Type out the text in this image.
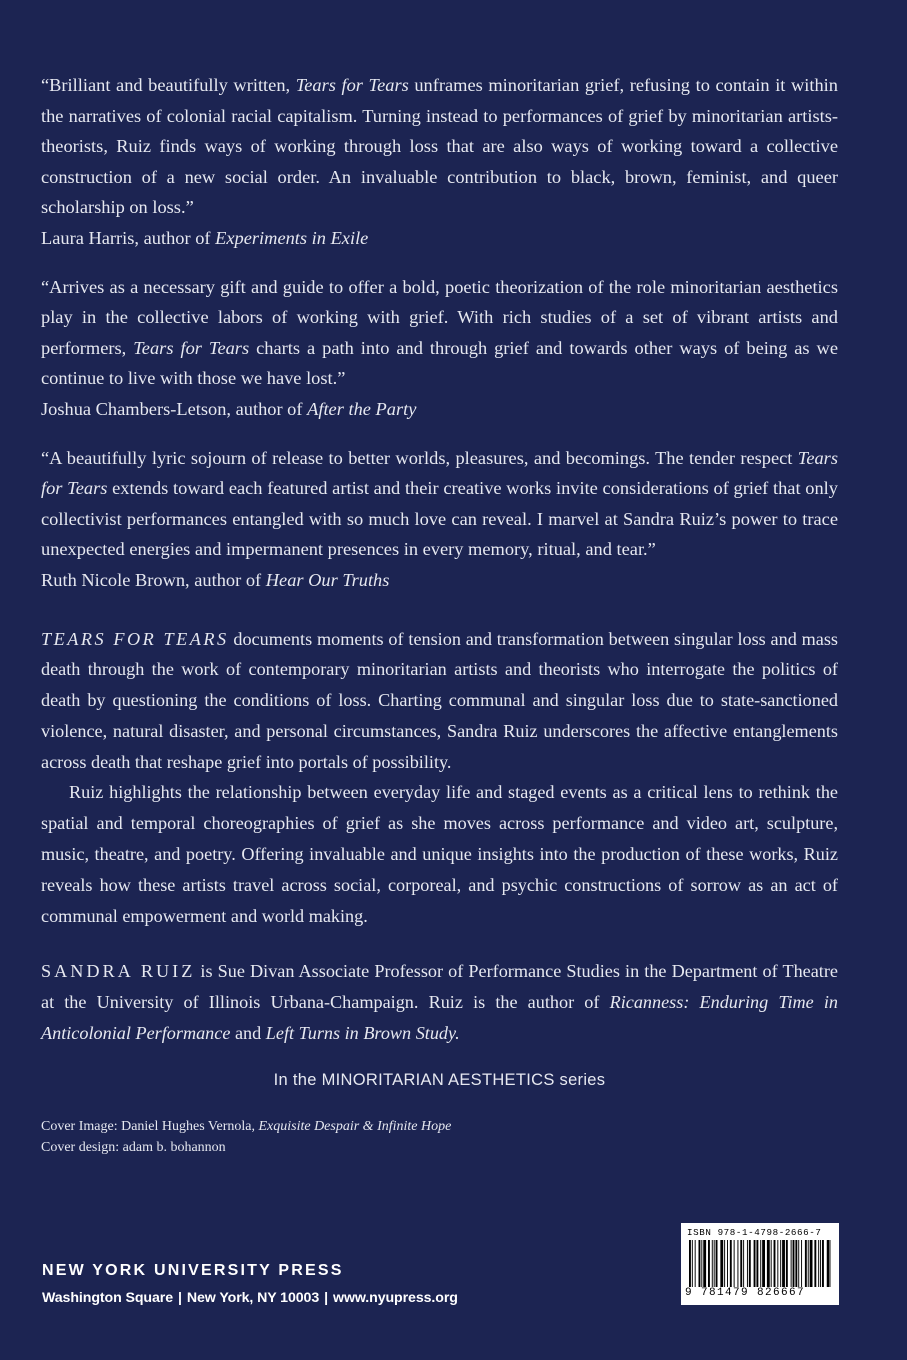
“Brilliant and beautifully written, Tears for Tears unframes minoritarian grief, refusing to contain it within the narratives of colonial racial capitalism. Turning instead to performances of grief by minoritarian artists-theorists, Ruiz finds ways of working through loss that are also ways of working toward a collective construction of a new social order. An invaluable contribution to black, brown, feminist, and queer scholarship on loss.”

Laura Harris, author of Experiments in Exile

“Arrives as a necessary gift and guide to offer a bold, poetic theorization of the role minoritarian aesthetics play in the collective labors of working with grief. With rich studies of a set of vibrant artists and performers, Tears for Tears charts a path into and through grief and towards other ways of being as we continue to live with those we have lost.”

Joshua Chambers-Letson, author of After the Party

“A beautifully lyric sojourn of release to better worlds, pleasures, and becomings. The tender respect Tears for Tears extends toward each featured artist and their creative works invite considerations of grief that only collectivist performances entangled with so much love can reveal. I marvel at Sandra Ruiz’s power to trace unexpected energies and impermanent presences in every memory, ritual, and tear.”

Ruth Nicole Brown, author of Hear Our Truths

TEARS FOR TEARS documents moments of tension and transformation between singular loss and mass death through the work of contemporary minoritarian artists and theorists who interrogate the politics of death by questioning the conditions of loss. Charting communal and singular loss due to state-sanctioned violence, natural disaster, and personal circumstances, Sandra Ruiz underscores the affective entanglements across death that reshape grief into portals of possibility.

Ruiz highlights the relationship between everyday life and staged events as a critical lens to rethink the spatial and temporal choreographies of grief as she moves across performance and video art, sculpture, music, theatre, and poetry. Offering invaluable and unique insights into the production of these works, Ruiz reveals how these artists travel across social, corporeal, and psychic constructions of sorrow as an act of communal empowerment and world making.

SANDRA RUIZ is Sue Divan Associate Professor of Performance Studies in the Department of Theatre at the University of Illinois Urbana-Champaign. Ruiz is the author of Ricanness: Enduring Time in Anticolonial Performance and Left Turns in Brown Study.

In the MINORITARIAN AESTHETICS series
Cover Image: Daniel Hughes Vernola, Exquisite Despair & Infinite Hope
Cover design: adam b. bohannon
NEW YORK UNIVERSITY PRESS
Washington Square | New York, NY 10003 | www.nyupress.org
ISBN 978-1-4798-2666-7
9 781479 826667
